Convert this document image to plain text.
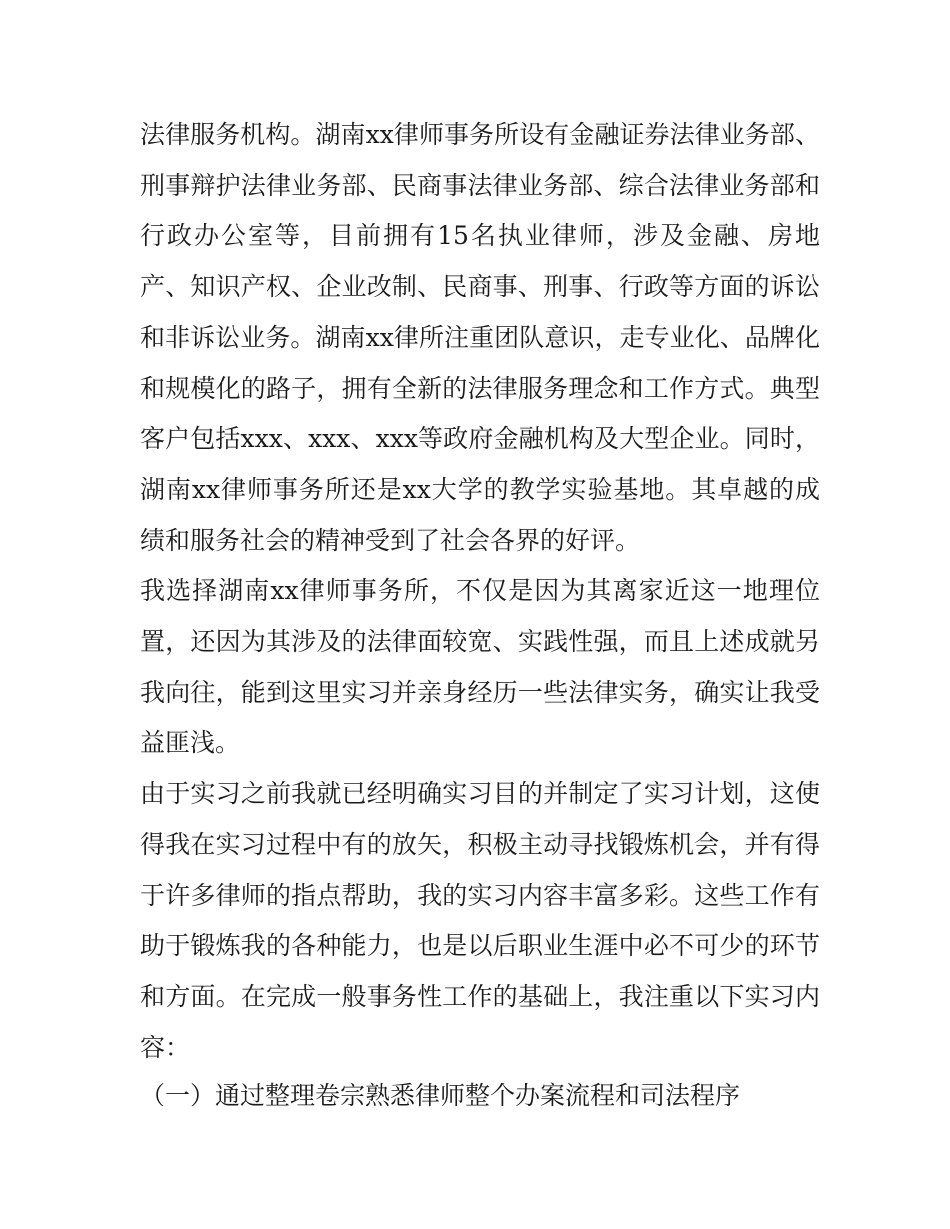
法律服务机构。湖南xx律师事务所设有金融证券法律业务部、刑事辩护法律业务部、民商事法律业务部、综合法律业务部和行政办公室等，目前拥有15名执业律师，涉及金融、房地产、知识产权、企业改制、民商事、刑事、行政等方面的诉讼和非诉讼业务。湖南xx律所注重团队意识，走专业化、品牌化和规模化的路子，拥有全新的法律服务理念和工作方式。典型客户包括xxx、xxx、xxx等政府金融机构及大型企业。同时，湖南xx律师事务所还是xx大学的教学实验基地。其卓越的成绩和服务社会的精神受到了社会各界的好评。

我选择湖南xx律师事务所，不仅是因为其离家近这一地理位置，还因为其涉及的法律面较宽、实践性强，而且上述成就另我向往，能到这里实习并亲身经历一些法律实务，确实让我受益匪浅。

由于实习之前我就已经明确实习目的并制定了实习计划，这使得我在实习过程中有的放矢，积极主动寻找锻炼机会，并有得于许多律师的指点帮助，我的实习内容丰富多彩。这些工作有助于锻炼我的各种能力，也是以后职业生涯中必不可少的环节和方面。在完成一般事务性工作的基础上，我注重以下实习内容：

（一）通过整理卷宗熟悉律师整个办案流程和司法程序
